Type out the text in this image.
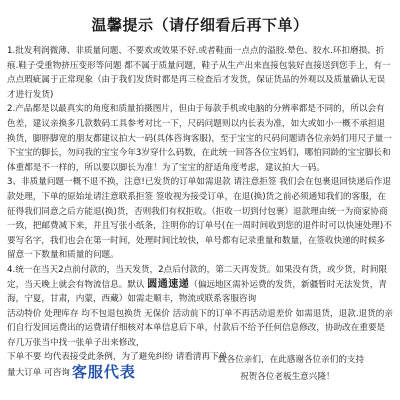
温馨提示（请仔细看后再下单）

1.批发利润微薄、非质量问题、不要欢或效果不好.或者鞋面一点点的溢胶.晕色、胶水.环扣磨损、折痕.鞋子受重物挤压变形等问题 都不属于质量问题，鞋子从生产出来直接包装好直接送到您手上，有一点点瑕疵属于正常现象（由于我们发货时都是再三检查后才发货，保证货品的外观以及质量确认无误才进行发货)

2.产品都是以最真实的角度和质量拍摄图片，但由于每款手机或电脑的分辨率都是不同的，所以会有色差，建议亲换多几款数码工具参考对比一下，尺码问题则以内长表为准，如大或如小一概不承担退换货，脚胖脚宽的朋友都建议拍大一码(具体咨询客服)，至于宝宝的尺码问题请各位亲妈们用尺子量一下宝宝的脚长，勿问我的宝宝今年3岁穿什么码数，在此统一回答各位宝妈们，哪怕同龄的宝宝脚长和体重都是不一样的，所以要以脚长为准！为了宝宝的舒适角度考虑，建议拍大一码。

3、非质量问题一概不退不换，注意!已发货的订单如需退款 请注意拒签 我们会在包裹退回快递后作退款处理，下单的原始址请注意联系拒签 签收视为接受订单，在退(换)货之前必须通知我们的客服，在征得我们同意之后方能退(换)货，否则我们有权拒收。（拒收一切到付包裹）退款理由统一为商家协商一致，把邮费减下来，并且写张小纸条，注明你的订单号(在一周时间收到您的退件时可以快速处理)不要写名字，我们也会在第一时间，处理时间比较快，单号都有记录重量和数量，在签收快递的时候多留意一下数量和质量的问题。

4.统一在当天2点前付款的，当天发货，2点后付款的，第二天再发货。如果没有货，或少货，时间限定，当天晚上就会有物流信息。默认 圆通速递（偏远地区需补运费的发货，新疆暂时无法发货，青海，宁夏，甘肃，内蒙，西藏）如需走顺丰，物流或联系客服咨询

活动特价 处理库存 均不包退包换货 无保价 活动前下的订单不再活动退差价 如需退货，退款.退货的亲们自行发回运费出的运费请仔细核对本单信息后下单，付款后不给予任何信息修改，协助改在重要是存几万张当中找一张单子出来修改，

下单不要 均代表接受此条例，为了避免纠纷 请看清再下单

量大订单 可咨询 客服代表

致各位亲们，在此感谢各位亲们的支持
祝贺各位老板生意兴隆！
